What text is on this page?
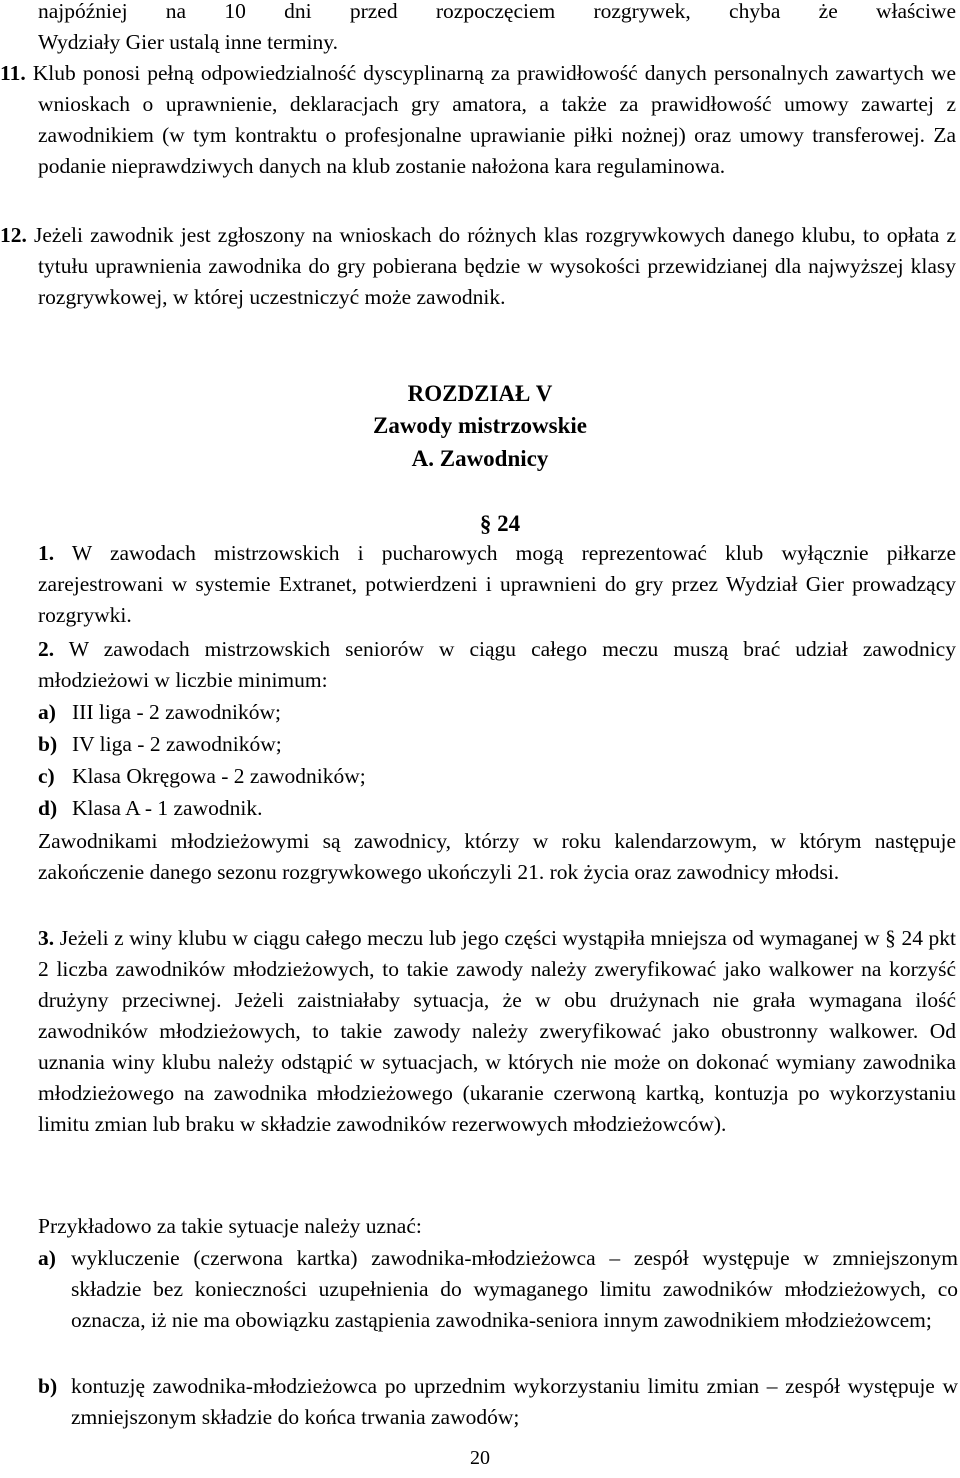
najpóźniej na 10 dni przed rozpoczęciem rozgrywek, chyba że właściwe

Wydziały Gier ustalą inne terminy.

11. Klub ponosi pełną odpowiedzialność dyscyplinarną za prawidłowość danych personalnych zawartych we wnioskach o uprawnienie, deklaracjach gry amatora, a także za prawidłowość umowy zawartej z zawodnikiem (w tym kontraktu o profesjonalne uprawianie piłki nożnej) oraz umowy transferowej. Za podanie nieprawdziwych danych na klub zostanie nałożona kara regulaminowa.

12. Jeżeli zawodnik jest zgłoszony na wnioskach do różnych klas rozgrywkowych danego klubu, to opłata z tytułu uprawnienia zawodnika do gry pobierana będzie w wysokości przewidzianej dla najwyższej klasy rozgrywkowej, w której uczestniczyć może zawodnik.

ROZDZIAŁ V

Zawody mistrzowskie

A. Zawodnicy

§ 24

1. W zawodach mistrzowskich i pucharowych mogą reprezentować klub wyłącznie piłkarze zarejestrowani w systemie Extranet, potwierdzeni i uprawnieni do gry przez Wydział Gier prowadzący rozgrywki.

2. W zawodach mistrzowskich seniorów w ciągu całego meczu muszą brać udział zawodnicy młodzieżowi w liczbie minimum:

a) III liga - 2 zawodników;
b) IV liga - 2 zawodników;
c) Klasa Okręgowa - 2 zawodników;
d) Klasa A - 1 zawodnik.

Zawodnikami młodzieżowymi są zawodnicy, którzy w roku kalendarzowym, w którym następuje zakończenie danego sezonu rozgrywkowego ukończyli 21. rok życia oraz zawodnicy młodsi.

3. Jeżeli z winy klubu w ciągu całego meczu lub jego części wystąpiła mniejsza od wymaganej w § 24 pkt 2 liczba zawodników młodzieżowych, to takie zawody należy zweryfikować jako walkower na korzyść drużyny przeciwnej. Jeżeli zaistniałaby sytuacja, że w obu drużynach nie grała wymagana ilość zawodników młodzieżowych, to takie zawody należy zweryfikować jako obustronny walkower. Od uznania winy klubu należy odstąpić w sytuacjach, w których nie może on dokonać wymiany zawodnika młodzieżowego na zawodnika młodzieżowego (ukaranie czerwoną kartką, kontuzja po wykorzystaniu limitu zmian lub braku w składzie zawodników rezerwowych młodzieżowców).

Przykładowo za takie sytuacje należy uznać:

a) wykluczenie (czerwona kartka) zawodnika-młodzieżowca – zespół występuje w zmniejszonym składzie bez konieczności uzupełnienia do wymaganego limitu zawodników młodzieżowych, co oznacza, iż nie ma obowiązku zastąpienia zawodnika-seniora innym zawodnikiem młodzieżowcem;
b) kontuzję zawodnika-młodzieżowca po uprzednim wykorzystaniu limitu zmian – zespół występuje w zmniejszonym składzie do końca trwania zawodów;
20
